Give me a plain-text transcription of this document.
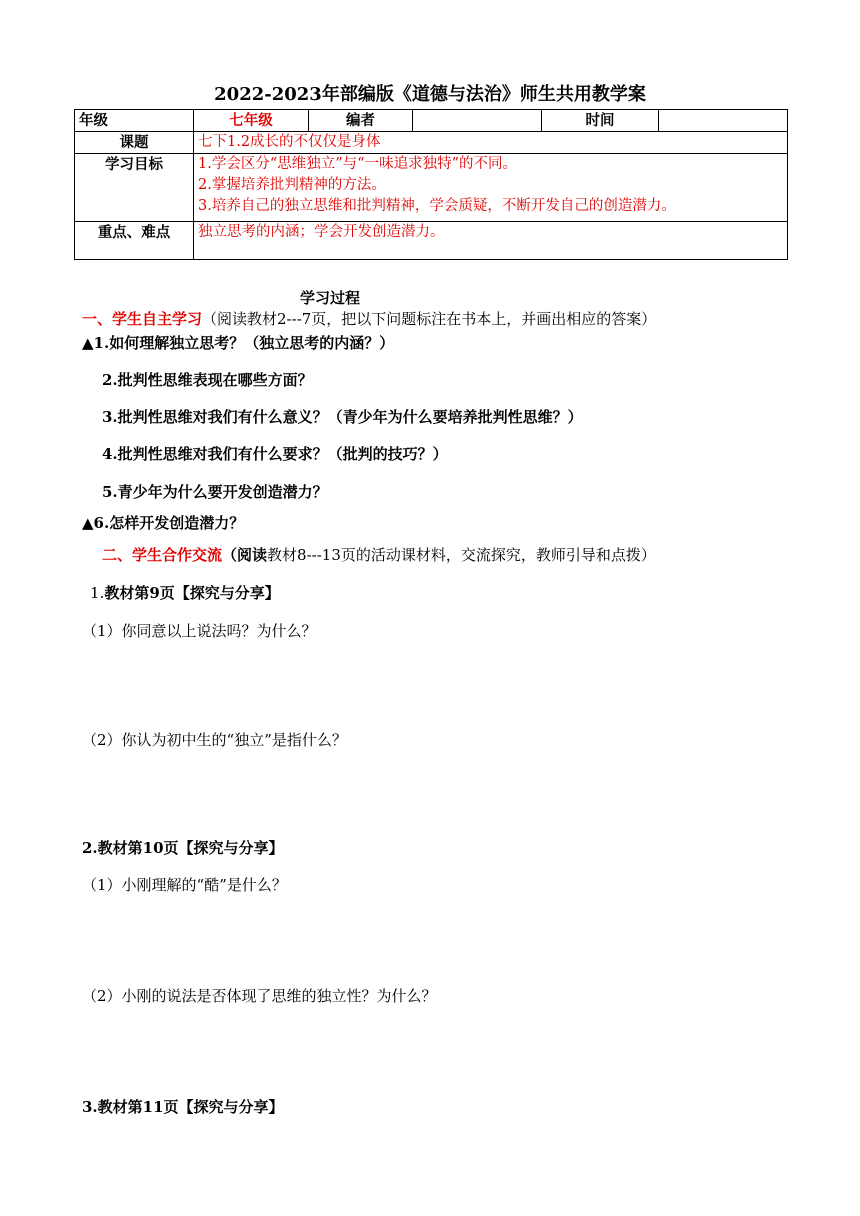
2022-2023年部编版《道德与法治》师生共用教学案
年级	七年级	编者		时间	
课题	七下1.2成长的不仅仅是身体				
学习目标	1.学会区分“思维独立”与“一味追求独特”的不同。
2.掌握培养批判精神的方法。
3.培养自己的独立思维和批判精神，学会质疑，不断开发自己的创造潜力。				

重点、难点	独立思考的内涵；学会开发创造潜力。				
学习过程
一、学生自主学习（阅读教材2---7页，把以下问题标注在书本上，并画出相应的答案）
▲1.如何理解独立思考？（独立思考的内涵？）
2.批判性思维表现在哪些方面？
3.批判性思维对我们有什么意义？（青少年为什么要培养批判性思维？）
4.批判性思维对我们有什么要求？（批判的技巧？）
5.青少年为什么要开发创造潜力？
▲6.怎样开发创造潜力？
二、学生合作交流（阅读教材8---13页的活动课材料，交流探究，教师引导和点拨）
1.教材第9页【探究与分享】
（1）你同意以上说法吗？为什么？
（2）你认为初中生的“独立”是指什么？
2.教材第10页【探究与分享】
（1）小刚理解的“酷”是什么？
（2）小刚的说法是否体现了思维的独立性？为什么？
3.教材第11页【探究与分享】
